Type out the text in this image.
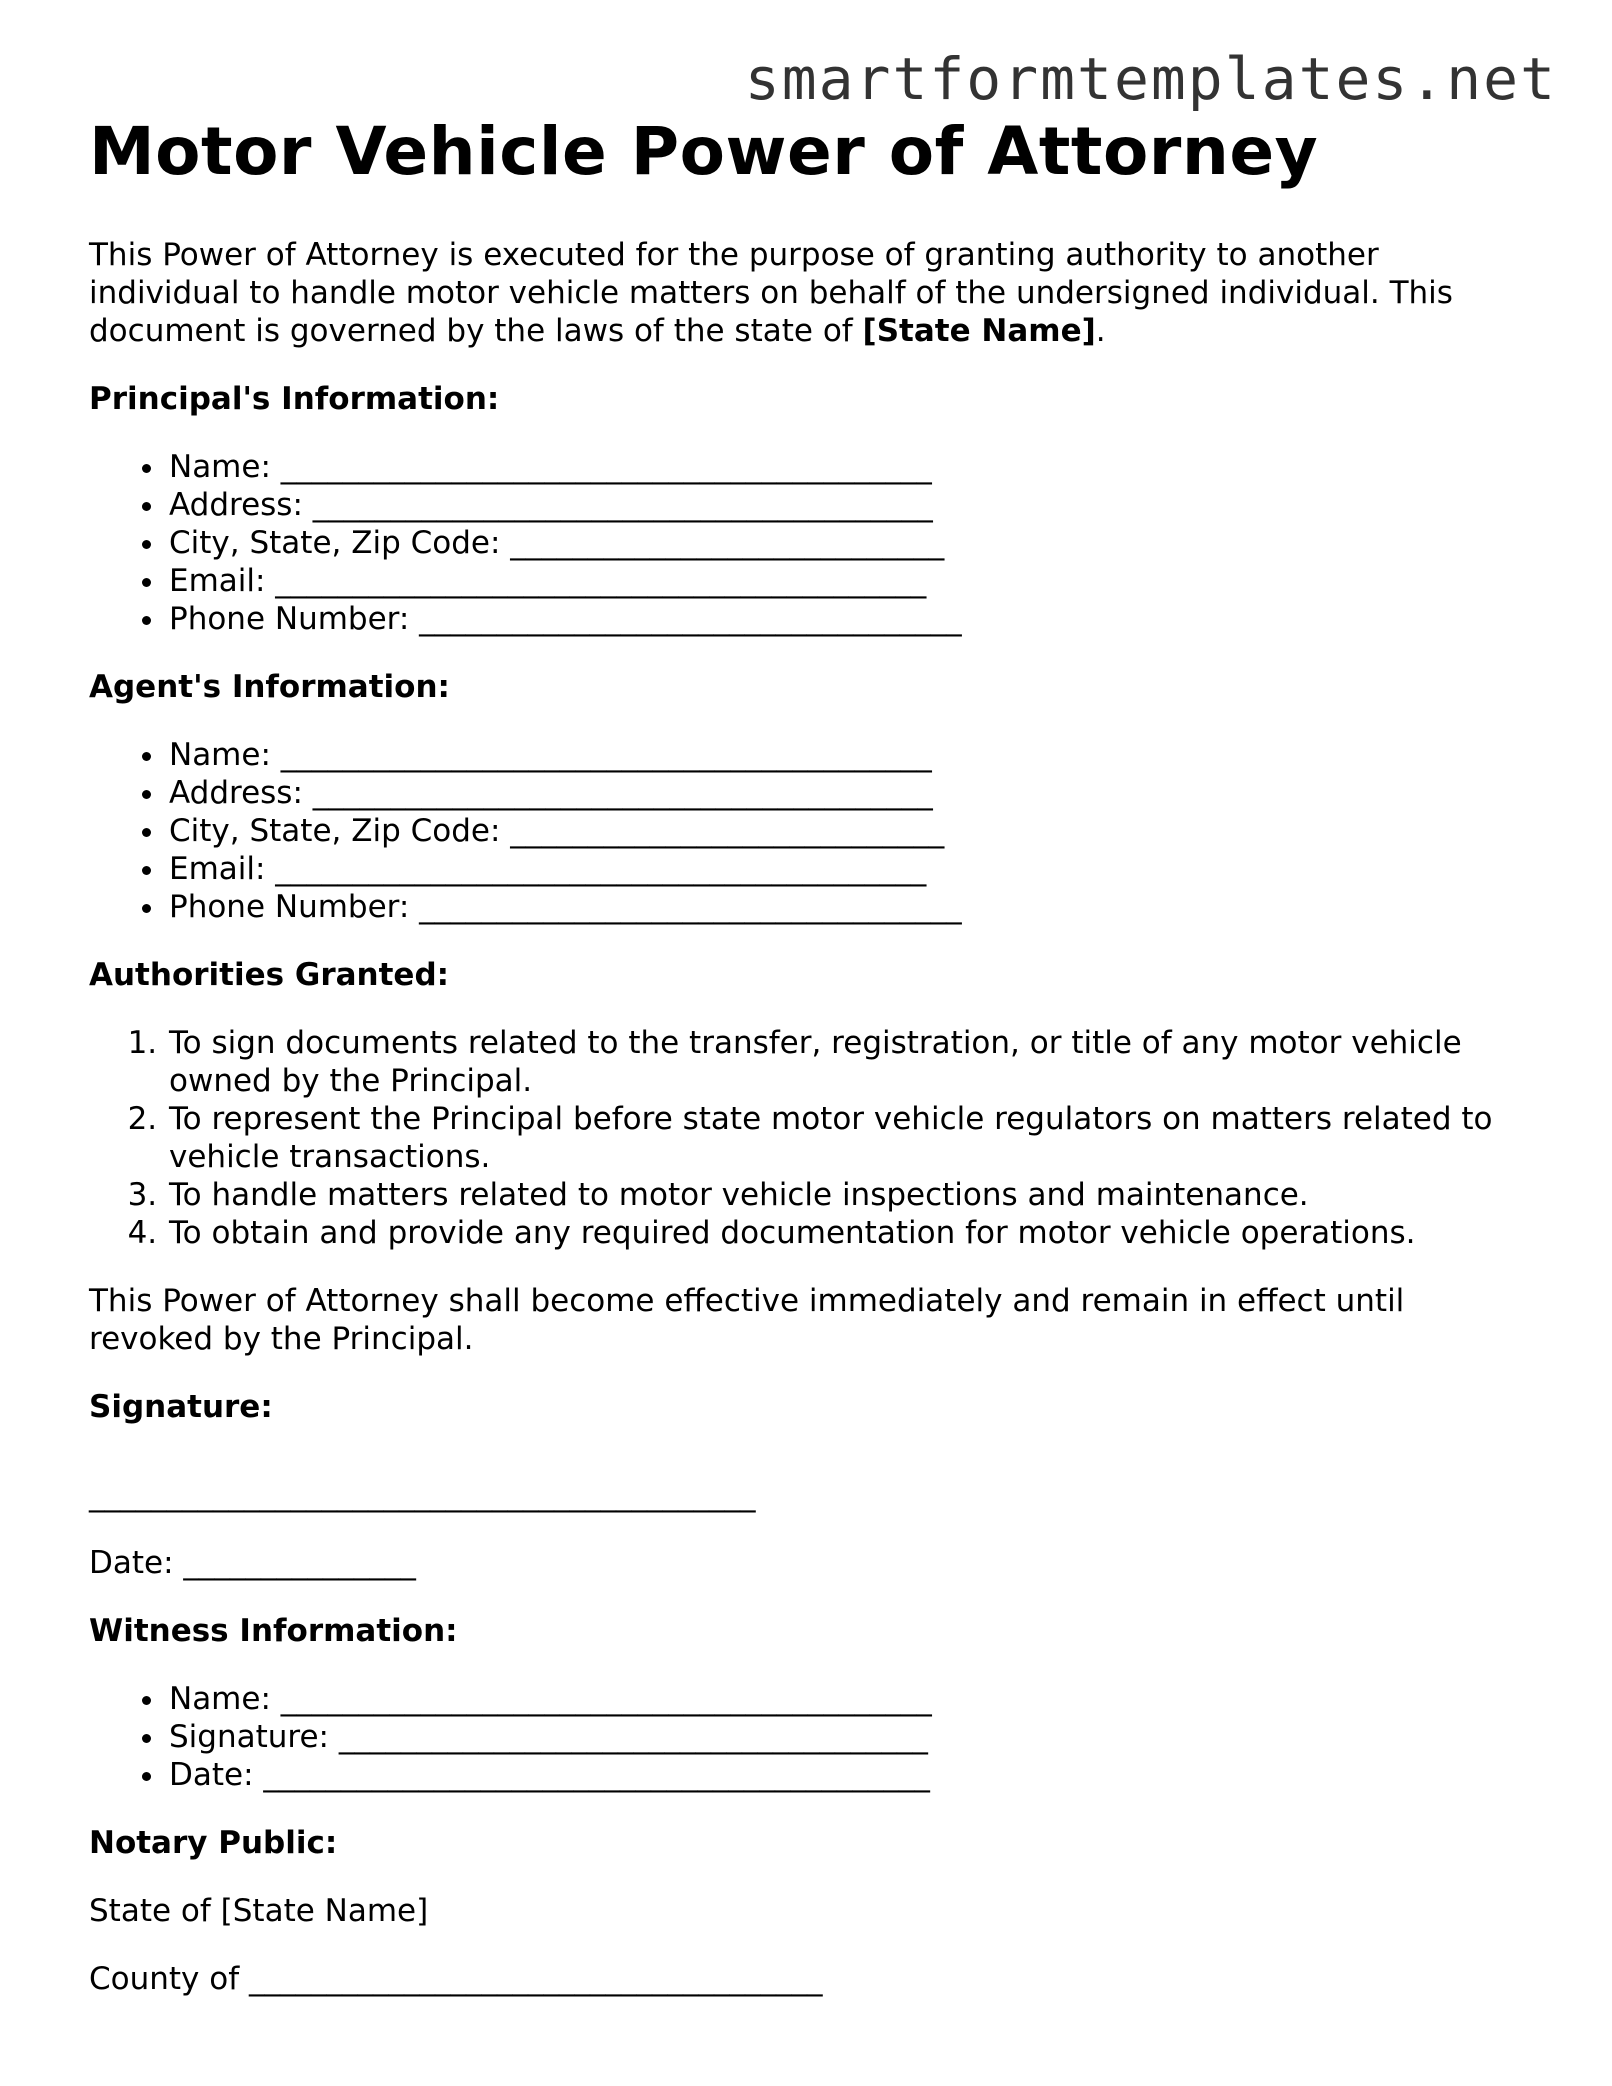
smartformtemplates.net
Motor Vehicle Power of Attorney

This Power of Attorney is executed for the purpose of granting authority to another individual to handle motor vehicle matters on behalf of the undersigned individual. This document is governed by the laws of the state of [State Name].

Principal's Information:
• Name: __________________________________________
• Address: ________________________________________
• City, State, Zip Code: ____________________________
• Email: __________________________________________
• Phone Number: ___________________________________
Agent's Information:
• Name: __________________________________________
• Address: ________________________________________
• City, State, Zip Code: ____________________________
• Email: __________________________________________
• Phone Number: ___________________________________
Authorities Granted:
1. To sign documents related to the transfer, registration, or title of any motor vehicle owned by the Principal.
2. To represent the Principal before state motor vehicle regulators on matters related to vehicle transactions.
3. To handle matters related to motor vehicle inspections and maintenance.
4. To obtain and provide any required documentation for motor vehicle operations.

This Power of Attorney shall become effective immediately and remain in effect until revoked by the Principal.

Signature:

___________________________________________

Date: _______________

Witness Information:
• Name: __________________________________________
• Signature: ______________________________________
• Date: ___________________________________________
Notary Public:

State of [State Name]

County of _____________________________________
